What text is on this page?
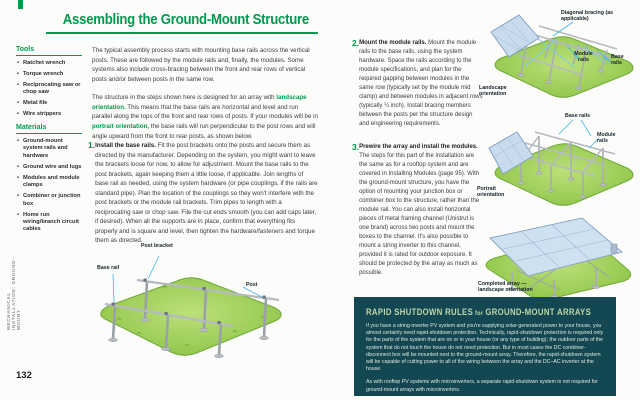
MECHANICAL INSTALLATION: GROUND-MOUNT
Assembling the Ground-Mount Structure
Tools
• Ratchet wrench
• Torque wrench
• Reciprocating saw or chop saw
• Metal file
• Wire strippers
Materials
• Ground-mount system rails and hardware
• Ground wire and lugs
• Modules and module clamps
• Combiner or junction box
• Home run wiring/branch circuit cables

The typical assembly process starts with mounting base rails across the vertical posts. These are followed by the module rails and, finally, the modules. Some systems also include cross-bracing between the front and rear rows of vertical posts and/or between posts in the same row.

The structure in the steps shown here is designed for an array with landscape orientation. This means that the base rails are horizontal and level and run parallel along the tops of the front and rear rows of posts. If your modules will be in portrait orientation, the base rails will run perpendicular to the post rows and will angle upward from the front to rear posts, as shown below.

1. Install the base rails. Fit the post brackets onto the posts and secure them as directed by the manufacturer. Depending on the system, you might want to leave the brackets loose for now, to allow for adjustment. Mount the base rails to the post brackets, again keeping them a little loose, if applicable. Join lengths of base rail as needed, using the system hardware (or pipe couplings, if the rails are standard pipe). Plan the location of the couplings so they won't interfere with the post brackets or the module rail brackets. Trim pipes to length with a reciprocating saw or chop saw. File the cut ends smooth (you can add caps later, if desired). When all the supports are in place, confirm that everything fits properly and is square and level, then tighten the hardware/fasteners and torque them as directed.

Post bracket
Base rail
Post
132
2. Mount the module rails. Mount the module rails to the base rails, using the system hardware. Space the rails according to the module specifications, and plan for the required gapping between modules in the same row (typically set by the module mid clamp) and between modules in adjacent rows (typically ¼ inch). Install bracing members between the posts per the structure design and engineering requirements.

3. Prewire the array and install the modules. The steps for this part of the installation are the same as for a rooftop system and are covered in Installing Modules (page 95). With the ground-mount structure, you have the option of mounting your junction box or combiner box to the structure, rather than the module rail. You can also install horizontal pieces of metal framing channel (Unistrut is one brand) across two posts and mount the boxes to the channel. It's also possible to mount a string inverter to this channel, provided it is rated for outdoor exposure. It should be protected by the array as much as possible.

Diagonal bracing (as applicable)
Module rails
Base rails
Landscape orientation
Base rails
Module rails
Portrait orientation
Completed array — landscape orientation
RAPID SHUTDOWN RULES for GROUND-MOUNT ARRAYS

If you have a string-inverter PV system and you're supplying solar-generated power to your house, you almost certainly need rapid-shutdown protection. Technically, rapid-shutdown protection is required only for the parts of the system that are on or in your house (or any type of building); the outdoor parts of the system that do not touch the house do not need protection. But in most cases the DC combiner-disconnect box will be mounted next to the ground-mount array. Therefore, the rapid-shutdown system will be capable of cutting power to all of the wiring between the array and the DC–AC inverter at the house.

As with rooftop PV systems with microinverters, a separate rapid-shutdown system is not required for ground-mount arrays with microinverters.
